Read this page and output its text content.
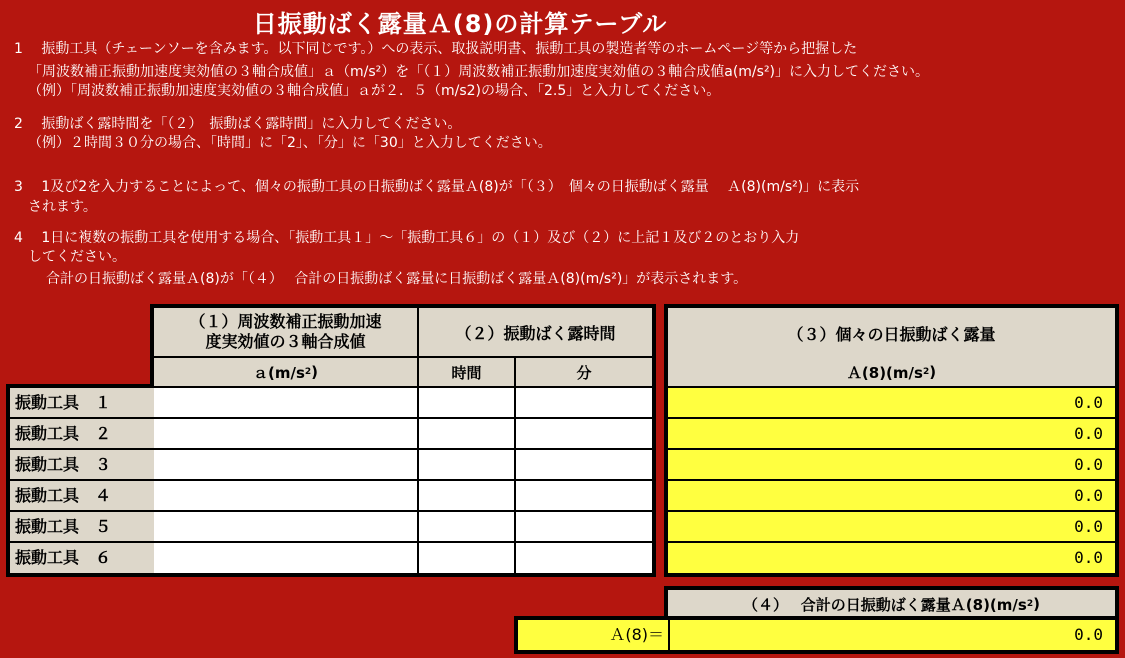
日振動ばく露量Ａ(8)の計算テーブル
1　 振動工具（チェーンソーを含みます。以下同じです。）への表示、取扱説明書、振動工具の製造者等のホームページ等から把握した
「周波数補正振動加速度実効値の３軸合成値」ａ（m/s²）を「（１）周波数補正振動加速度実効値の３軸合成値a(m/s²)」に入力してください。
（例）「周波数補正振動加速度実効値の３軸合成値」ａが２．５（m/s2)の場合、「2.5」と入力してください。
2　 振動ばく露時間を「（２）　振動ばく露時間」に入力してください。
（例）２時間３０分の場合、「時間」に「2」、「分」に「30」と入力してください。
3　 1及び2を入力することによって、個々の振動工具の日振動ばく露量Ａ(8)が「（３）　個々の日振動ばく露量　 Ａ(8)(m/s²)」に表示
されます。
4　 1日に複数の振動工具を使用する場合、「振動工具１」～「振動工具６」の（１）及び（２）に上記１及び２のとおり入力
してください。
合計の日振動ばく露量Ａ(8)が「（４）　 合計の日振動ばく露量に日振動ばく露量Ａ(8)(m/s²)」が表示されます。
（１）周波数補正振動加速
度実効値の３軸合成値
ａ(m/s 2 )
（２）振動ばく露時間
時間	分
振動工具　１
振動工具　２
振動工具　３
振動工具　４
振動工具　５
振動工具　６
（３）個々の日振動ばく露量
Ａ(8)(m/s 2 )
0.0
0.0
0.0
0.0
0.0
0.0
（４）　 合計の日振動ばく露量Ａ(8)(m/s 2 )
Ａ(8)＝	0.0
